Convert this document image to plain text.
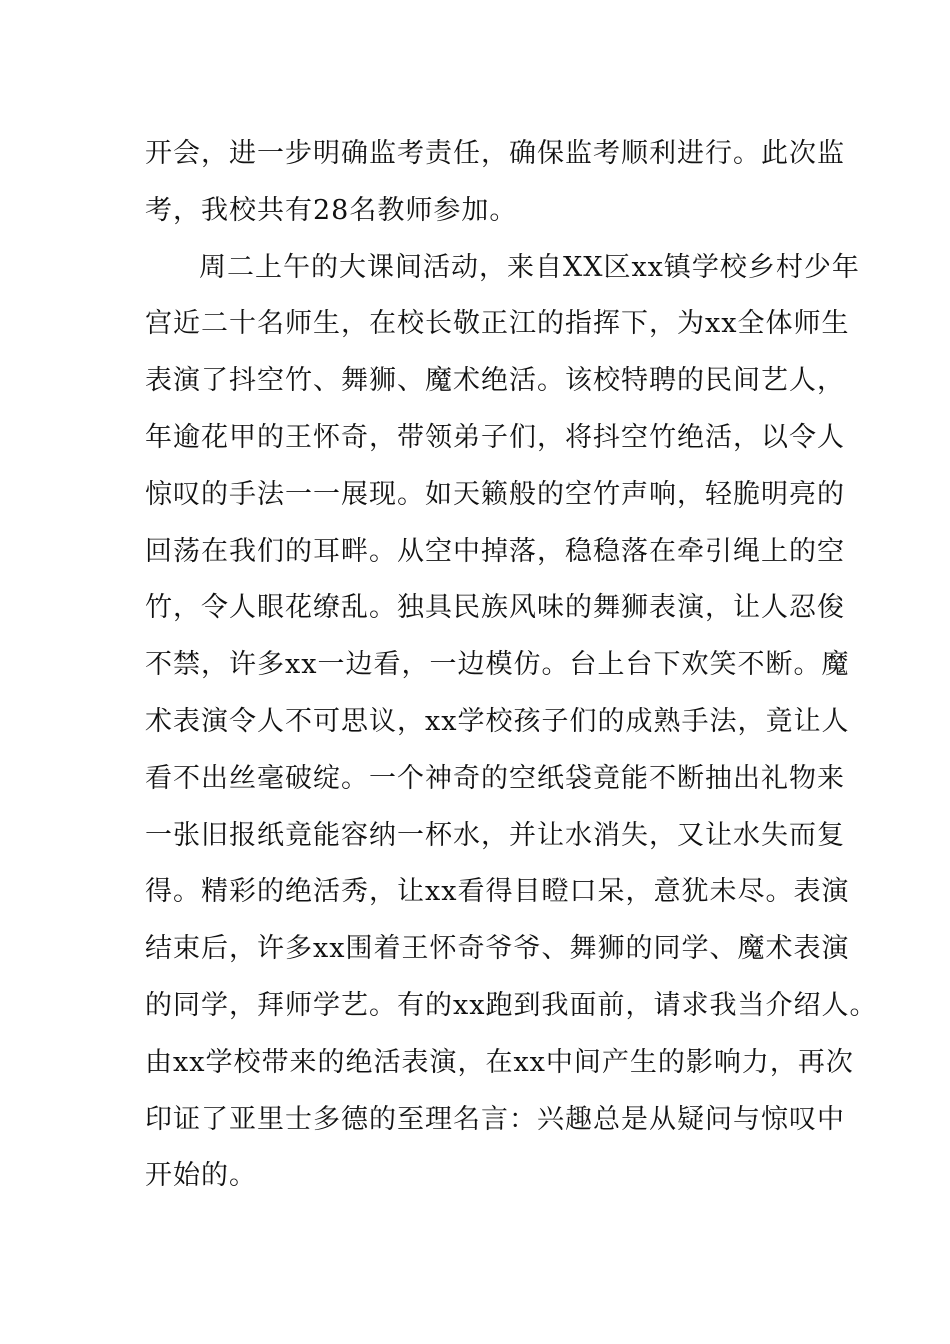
开会，进一步明确监考责任，确保监考顺利进行。此次监
考，我校共有28名教师参加。
周二上午的大课间活动，来自XX区xx镇学校乡村少年
宫近二十名师生，在校长敬正江的指挥下，为xx全体师生
表演了抖空竹、舞狮、魔术绝活。该校特聘的民间艺人，
年逾花甲的王怀奇，带领弟子们，将抖空竹绝活，以令人
惊叹的手法一一展现。如天籁般的空竹声响，轻脆明亮的
回荡在我们的耳畔。从空中掉落，稳稳落在牵引绳上的空
竹，令人眼花缭乱。独具民族风味的舞狮表演，让人忍俊
不禁，许多xx一边看，一边模仿。台上台下欢笑不断。魔
术表演令人不可思议，xx学校孩子们的成熟手法，竟让人
看不出丝毫破绽。一个神奇的空纸袋竟能不断抽出礼物来
一张旧报纸竟能容纳一杯水，并让水消失，又让水失而复
得。精彩的绝活秀，让xx看得目瞪口呆，意犹未尽。表演
结束后，许多xx围着王怀奇爷爷、舞狮的同学、魔术表演
的同学，拜师学艺。有的xx跑到我面前，请求我当介绍人。
由xx学校带来的绝活表演，在xx中间产生的影响力，再次
印证了亚里士多德的至理名言：兴趣总是从疑问与惊叹中
开始的。
